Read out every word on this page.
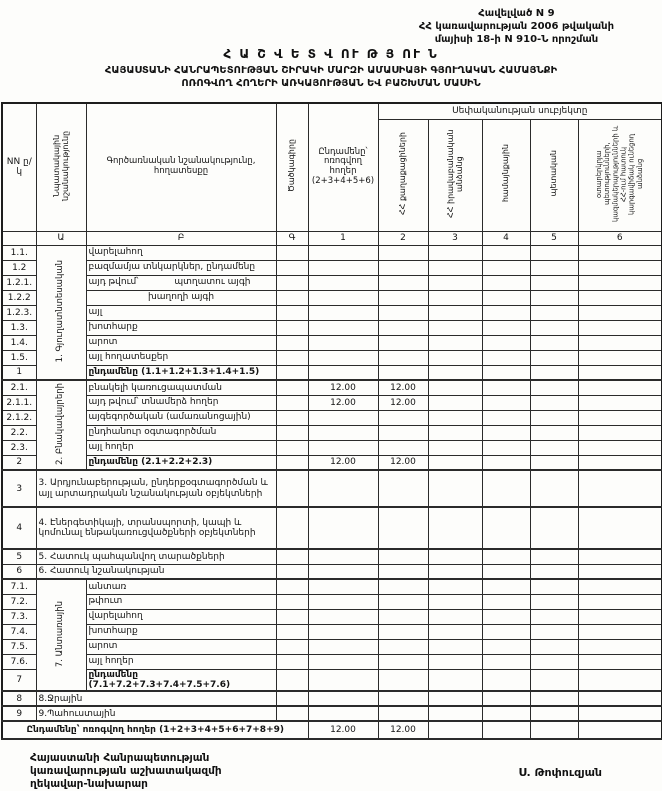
Հավելված N 9
ՀՀ կառավարության 2006 թվականի
մայիսի 18-ի N 910-Ն որոշման
Հ Ա Շ Վ Ե Տ Վ ՈՒ Թ Յ ՈՒ Ն
ՀԱՅԱՍՏԱՆԻ ՀԱՆՐԱՊԵՏՈՒԹՅԱՆ ՇԻՐԱԿԻ ՄԱՐԶԻ ԱՄԱՍԻԱՅԻ ԳՅՈՒՂԱԿԱՆ ՀԱՄԱՅՆՔԻ
ՈՌՈԳՎՈՂ ՀՈՂԵՐԻ ԱՌԿԱՅՈՒԹՅԱՆ ԵՎ ԲԱՇԽՄԱՆ ՄԱՍԻՆ
NN ը/կ	Նպատակային նշանակությունը	Գործառնական նշանակությունը, հողատեսքը	Ծածկագիրը	Ընդամենը՝ ոռոգվող հողեր (2+3+4+5+6)	Սեփականության սուբյեկտը				
					ՀՀ քաղաքացիների	ՀՀ իրավաբանական անձանց	համայնքային	պետական	օտարերկրյա պետությունների, կազմակերպությունների և ՀՀ-ում հատուկ կարգավիճակ ունեցող անձանց
	Ա	Բ	Գ	1	2	3	4	5	6
1.1.	1. Գյուղատնտեսական	վարելահող							
1.2		բազմամյա տնկարկներ, ընդամենը							
1.2.1.		այդ թվում՝ պտղատու այգի							
1.2.2		խաղողի այգի							
1.2.3.		այլ							
1.3.		խոտհարք							
1.4.		արոտ							
1.5.		այլ հողատեսքեր							
1		ընդամենը (1.1+1.2+1.3+1.4+1.5)							
2.1.	2. Բնակավայրերի	բնակելի կառուցապատման		12.00	12.00				
2.1.1.		այդ թվում՝ տնամերձ հողեր		12.00	12.00				
2.1.2.		այգեգործական (ամառանոցային)							
2.2.		ընդհանուր օգտագործման							
2.3.		այլ հողեր							
2		ընդամենը (2.1+2.2+2.3)		12.00	12.00				
3	3. Արդյունաբերության, ընդերքօգտագործման և այլ արտադրական նշանակության օբյեկտների								
4	4. Էներգետիկայի, տրանսպորտի, կապի և կոմունալ ենթակառուցվածքների օբյեկտների								
5	5. Հատուկ պահպանվող տարածքների								
6	6. Հատուկ նշանակության								
7.1.	7. Անտառային	անտառ							
7.2.		թփուտ							
7.3.		վարելահող							
7.4.		խոտհարք							
7.5.		արոտ							
7.6.		այլ հողեր							
7		ընդամենը (7.1+7.2+7.3+7.4+7.5+7.6)							
8	8.Ջրային								
9	9.Պահուստային								
Ընդամենը՝ ոռոգվող հողեր (1+2+3+4+5+6+7+8+9)				12.00	12.00				
Հայաստանի Հանրապետության
կառավարության աշխատակազմի
ղեկավար-նախարար
Ս. Թոփուզյան
